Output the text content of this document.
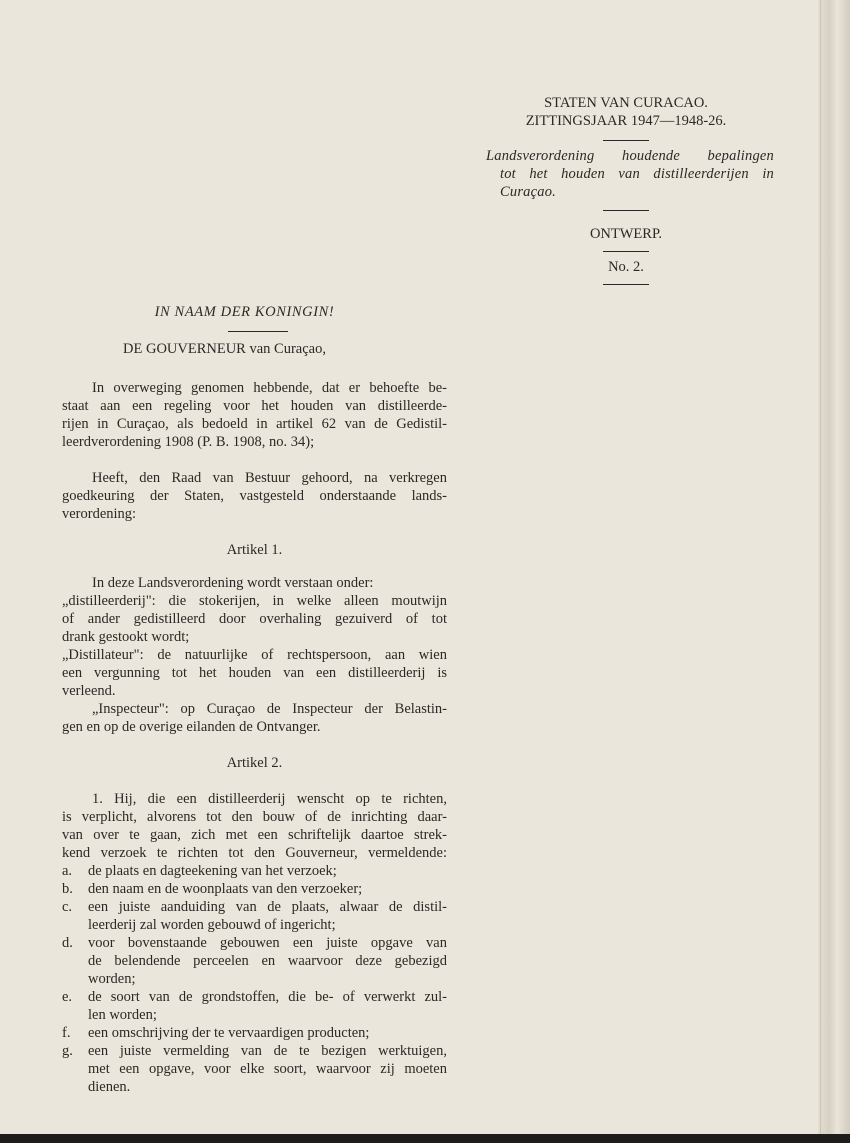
STATEN VAN CURACAO.
ZITTINGSJAAR 1947—1948-26.
Landsverordening houdende bepalingen
tot het houden van distilleerderijen in
Curaçao.
ONTWERP.
No. 2.
IN NAAM DER KONINGIN!
DE GOUVERNEUR van Curaçao,
In overweging genomen hebbende, dat er behoefte be-
staat aan een regeling voor het houden van distilleerde-
rijen in Curaçao, als bedoeld in artikel 62 van de Gedistil-
leerdverordening 1908 (P. B. 1908, no. 34);
Heeft, den Raad van Bestuur gehoord, na verkregen
goedkeuring der Staten, vastgesteld onderstaande lands-
verordening:
Artikel 1.
In deze Landsverordening wordt verstaan onder:
„distilleerderij": die stokerijen, in welke alleen moutwijn
of ander gedistilleerd door overhaling gezuiverd of tot
drank gestookt wordt;
„Distillateur": de natuurlijke of rechtspersoon, aan wien
een vergunning tot het houden van een distilleerderij is
verleend.
„Inspecteur": op Curaçao de Inspecteur der Belastin-
gen en op de overige eilanden de Ontvanger.
Artikel 2.
1. Hij, die een distilleerderij wenscht op te richten,
is verplicht, alvorens tot den bouw of de inrichting daar-
van over te gaan, zich met een schriftelijk daartoe strek-
kend verzoek te richten tot den Gouverneur, vermeldende:
a. de plaats en dagteekening van het verzoek;
b. den naam en de woonplaats van den verzoeker;
c. een juiste aanduiding van de plaats, alwaar de distil-
leerderij zal worden gebouwd of ingericht;
d. voor bovenstaande gebouwen een juiste opgave van
de belendende perceelen en waarvoor deze gebezigd
worden;
e. de soort van de grondstoffen, die be- of verwerkt zul-
len worden;
f. een omschrijving der te vervaardigen producten;
g. een juiste vermelding van de te bezigen werktuigen,
met een opgave, voor elke soort, waarvoor zij moeten
dienen.
